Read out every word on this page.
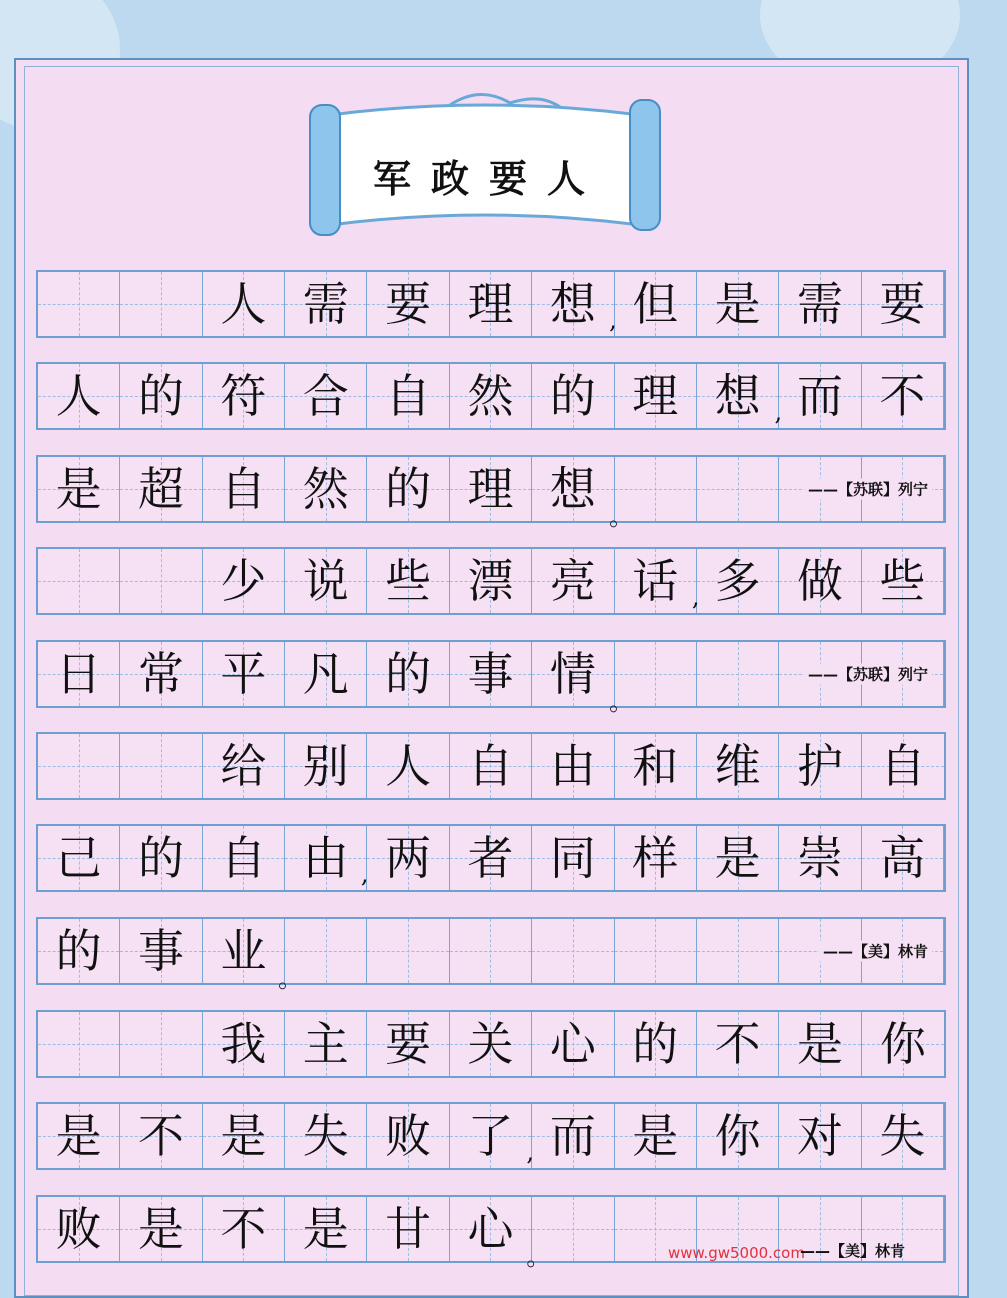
军政要人
人 需 要 理 想 但 是 需 要
,
人 的 符 合 自 然 的 理 想 而 不
,
是 超 自 然 的 理 想
。
——【苏联】列宁
少 说 些 漂 亮 话 多 做 些
,
日 常 平 凡 的 事 情
。
——【苏联】列宁
给 别 人 自 由 和 维 护 自
己 的 自 由 两 者 同 样 是 崇 高
,
的 事 业
。
——【美】林肯
我 主 要 关 心 的 不 是 你
是 不 是 失 败 了 而 是 你 对 失
,
败 是 不 是 甘 心
。	www.gw5000.com
——【美】林肯
